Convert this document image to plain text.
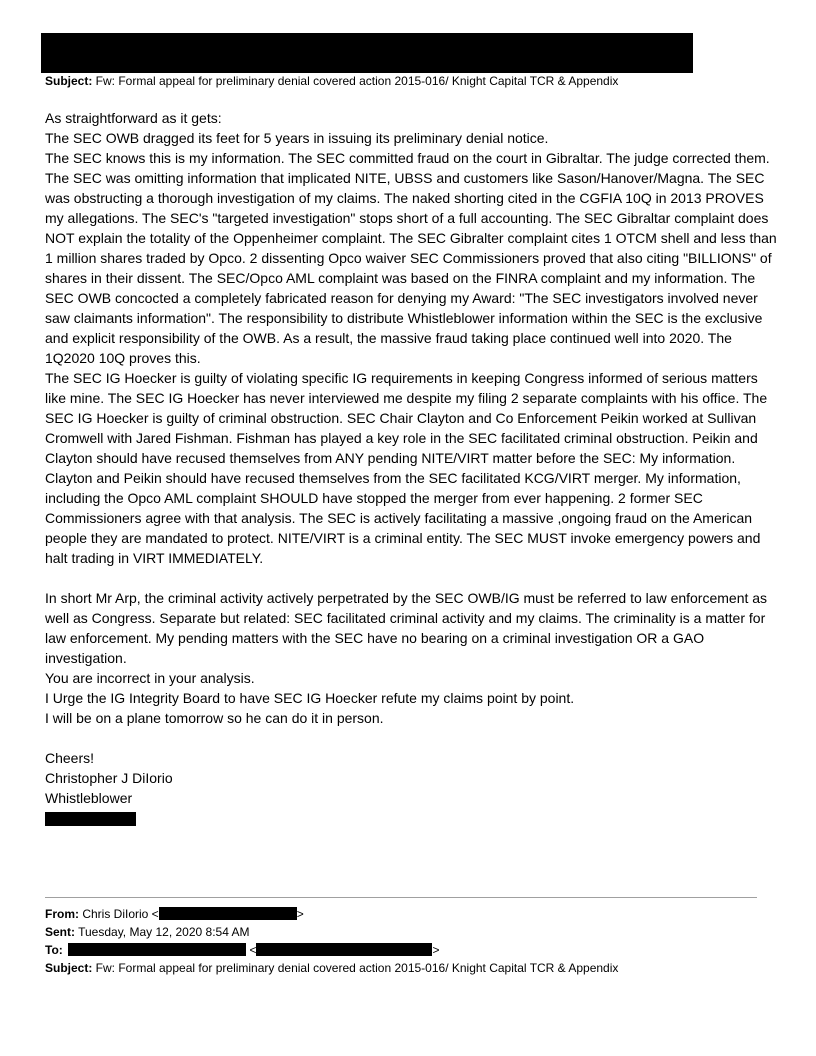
Subject: Fw: Formal appeal for preliminary denial covered action 2015-016/ Knight Capital TCR & Appendix

As straightforward as it gets:

The SEC OWB dragged its feet for 5 years in issuing its preliminary denial notice.

The SEC knows this is my information. The SEC committed fraud on the court in Gibraltar. The judge corrected them. The SEC was omitting information that implicated NITE, UBSS and customers like Sason/Hanover/Magna. The SEC was obstructing a thorough investigation of my claims. The naked shorting cited in the CGFIA 10Q in 2013 PROVES my allegations. The SEC's "targeted investigation" stops short of a full accounting. The SEC Gibraltar complaint does NOT explain the totality of the Oppenheimer complaint. The SEC Gibralter complaint cites 1 OTCM shell and less than 1 million shares traded by Opco. 2 dissenting Opco waiver SEC Commissioners proved that also citing "BILLIONS" of shares in their dissent. The SEC/Opco AML complaint was based on the FINRA complaint and my information. The SEC OWB concocted a completely fabricated reason for denying my Award: "The SEC investigators involved never saw claimants information". The responsibility to distribute Whistleblower information within the SEC is the exclusive and explicit responsibility of the OWB. As a result, the massive fraud taking place continued well into 2020. The 1Q2020 10Q proves this.

The SEC IG Hoecker is guilty of violating specific IG requirements in keeping Congress informed of serious matters like mine. The SEC IG Hoecker has never interviewed me despite my filing 2 separate complaints with his office. The SEC IG Hoecker is guilty of criminal obstruction. SEC Chair Clayton and Co Enforcement Peikin worked at Sullivan Cromwell with Jared Fishman. Fishman has played a key role in the SEC facilitated criminal obstruction. Peikin and Clayton should have recused themselves from ANY pending NITE/VIRT matter before the SEC: My information. Clayton and Peikin should have recused themselves from the SEC facilitated KCG/VIRT merger. My information, including the Opco AML complaint SHOULD have stopped the merger from ever happening. 2 former SEC Commissioners agree with that analysis. The SEC is actively facilitating a massive ,ongoing fraud on the American people they are mandated to protect. NITE/VIRT is a criminal entity. The SEC MUST invoke emergency powers and halt trading in VIRT IMMEDIATELY.

In short Mr Arp, the criminal activity actively perpetrated by the SEC OWB/IG must be referred to law enforcement as well as Congress. Separate but related: SEC facilitated criminal activity and my claims. The criminality is a matter for law enforcement. My pending matters with the SEC have no bearing on a criminal investigation OR a GAO investigation.

You are incorrect in your analysis.

I Urge the IG Integrity Board to have SEC IG Hoecker refute my claims point by point.

I will be on a plane tomorrow so he can do it in person.

Cheers!

Christopher J DiIorio

Whistleblower

From: Chris DiIorio <	>
Sent: Tuesday, May 12, 2020 8:54 AM
To:	<	>
Subject: Fw: Formal appeal for preliminary denial covered action 2015-016/ Knight Capital TCR & Appendix
